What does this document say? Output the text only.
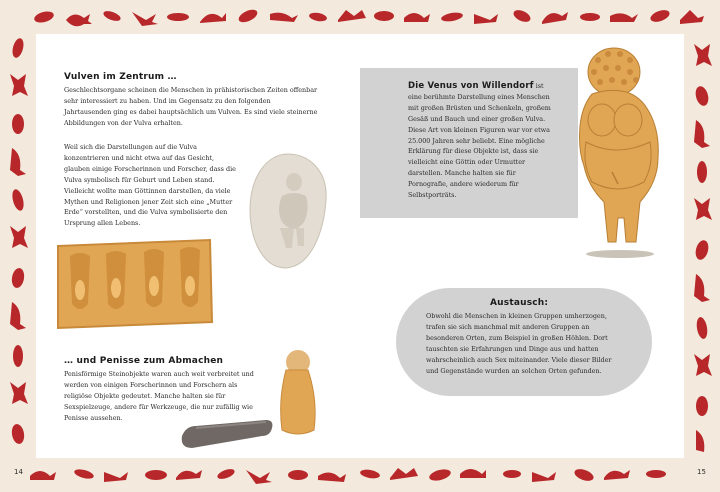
Vulven im Zentrum …
Geschlechtsorgane scheinen die Menschen in prähistorischen Zeiten offenbar sehr interessiert zu haben. Und im Gegensatz zu den folgenden Jahrtausenden ging es dabei hauptsächlich um Vulven. Es sind viele steinerne Abbildungen von der Vulva erhalten.
Weil sich die Darstellungen auf die Vulva konzentrieren und nicht etwa auf das Gesicht, glauben einige Forscherinnen und Forscher, dass die Vulva symbolisch für Geburt und Leben stand. Vielleicht wollte man Göttinnen darstellen, da viele Mythen und Religionen jener Zeit sich eine „Mutter Erde“ vorstellten, und die Vulva symbolisierte den Ursprung allen Lebens.
… und Penisse zum Abmachen
Penisförmige Steinobjekte waren auch weit verbreitet und werden von einigen Forscherinnen und Forschern als religiöse Objekte gedeutet. Manche halten sie für Sexspielzeuge, andere für Werkzeuge, die nur zufällig wie Penisse aussehen.
14
Die Venus von Willendorf ist eine berühmte Darstellung eines Menschen mit großen Brüsten und Schenkeln, großem Gesäß und Bauch und einer großen Vulva. Diese Art von kleinen Figuren war vor etwa 25.000 Jahren sehr beliebt. Eine mögliche Erklärung für diese Objekte ist, dass sie vielleicht eine Göttin oder Urmutter darstellen. Manche halten sie für Pornografie, andere wiederum für Selbstporträts.
Austausch:
Obwohl die Menschen in kleinen Gruppen umherzogen, trafen sie sich manchmal mit anderen Gruppen an besonderen Orten, zum Beispiel in großen Höhlen. Dort tauschten sie Erfahrungen und Dinge aus und hatten wahrscheinlich auch Sex miteinander. Viele dieser Bilder und Gegenstände wurden an solchen Orten gefunden.
15
